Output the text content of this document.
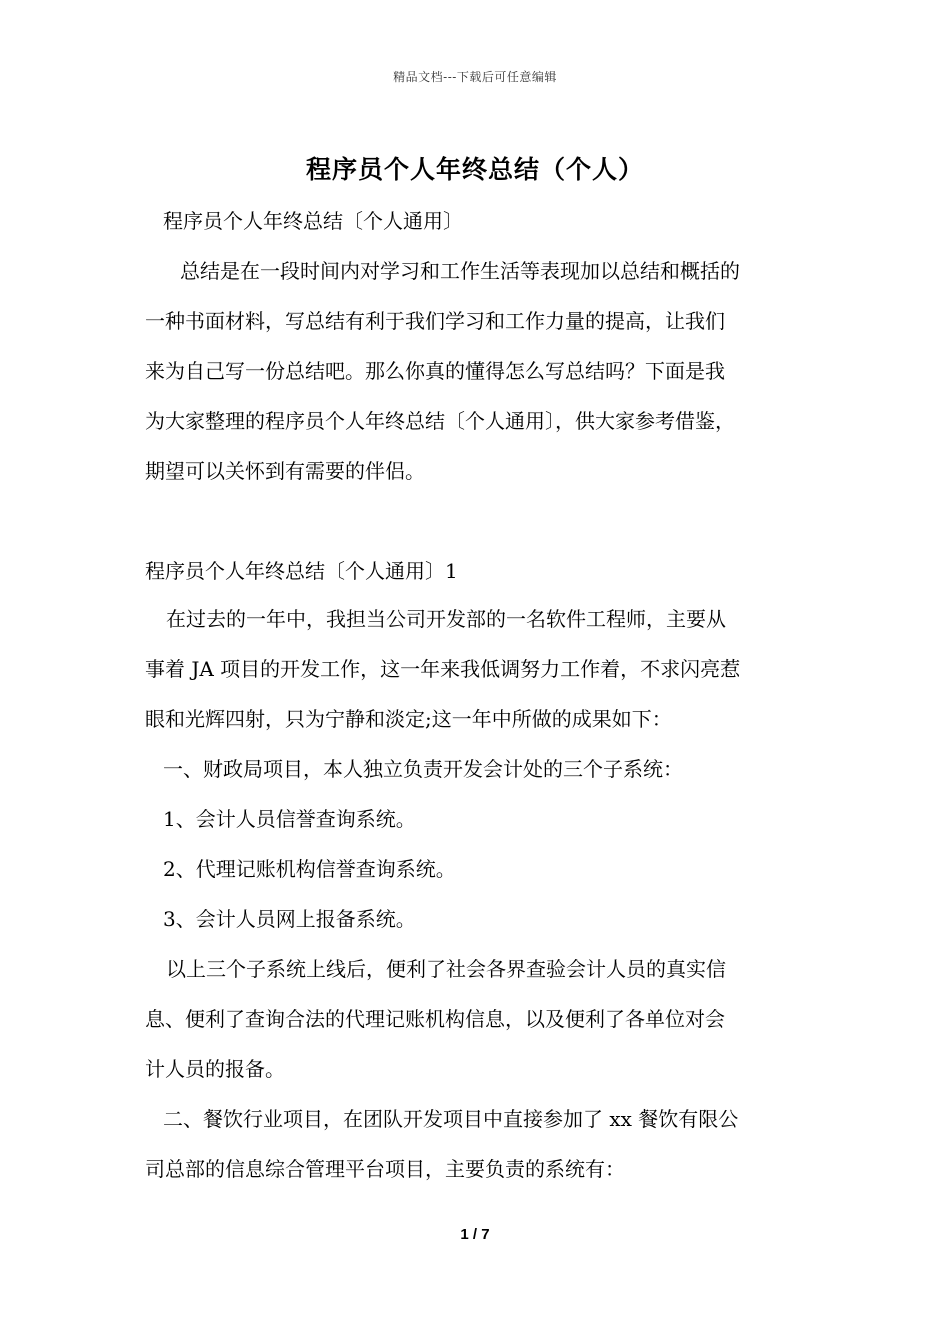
精品文档---下载后可任意编辑
程序员个人年终总结（个人）
程序员个人年终总结〔个人通用〕
总结是在一段时间内对学习和工作生活等表现加以总结和概括的
一种书面材料，写总结有利于我们学习和工作力量的提高，让我们
来为自己写一份总结吧。那么你真的懂得怎么写总结吗？下面是我
为大家整理的程序员个人年终总结〔个人通用〕，供大家参考借鉴，
期望可以关怀到有需要的伴侣。
程序员个人年终总结〔个人通用〕1
在过去的一年中，我担当公司开发部的一名软件工程师，主要从
事着 JA 项目的开发工作，这一年来我低调努力工作着，不求闪亮惹
眼和光辉四射，只为宁静和淡定;这一年中所做的成果如下：
一、财政局项目，本人独立负责开发会计处的三个子系统：
1、会计人员信誉查询系统。
2、代理记账机构信誉查询系统。
3、会计人员网上报备系统。
以上三个子系统上线后，便利了社会各界查验会计人员的真实信
息、便利了查询合法的代理记账机构信息，以及便利了各单位对会
计人员的报备。
二、餐饮行业项目，在团队开发项目中直接参加了 xx 餐饮有限公
司总部的信息综合管理平台项目，主要负责的系统有：
1 / 7
